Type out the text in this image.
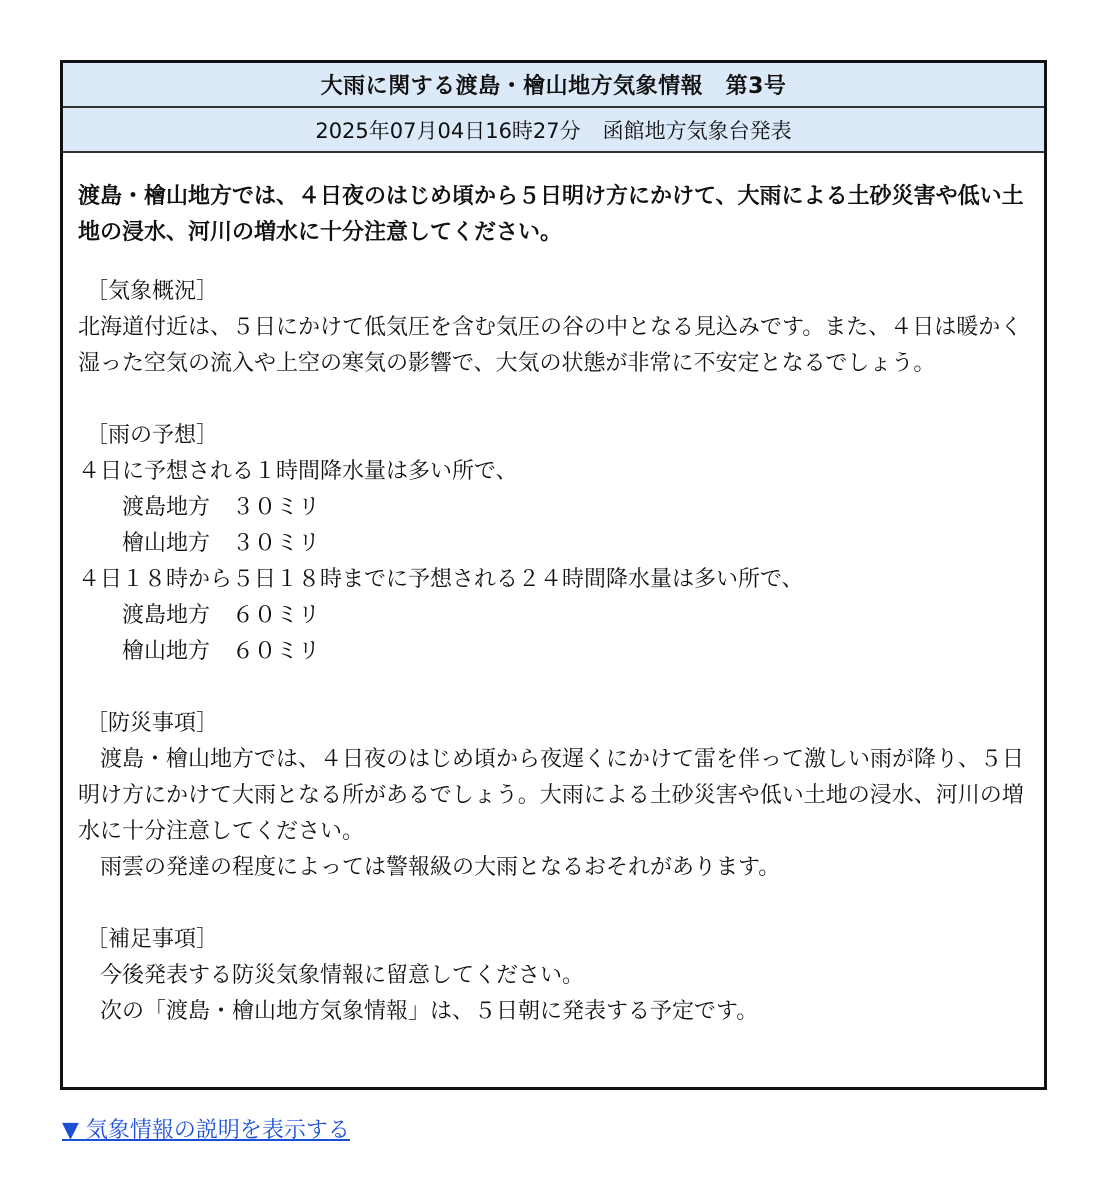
大雨に関する渡島・檜山地方気象情報　第3号
2025年07月04日16時27分 函館地方気象台発表

渡島・檜山地方では、４日夜のはじめ頃から５日明け方にかけて、大雨による土砂災害や低い土地の浸水、河川の増水に十分注意してください。

［気象概況］

北海道付近は、５日にかけて低気圧を含む気圧の谷の中となる見込みです。また、４日は暖かく湿った空気の流入や上空の寒気の影響で、大気の状態が非常に不安定となるでしょう。

［雨の予想］

４日に予想される１時間降水量は多い所で、

渡島地方　 ３０ミリ

檜山地方　 ３０ミリ

４日１８時から５日１８時までに予想される２４時間降水量は多い所で、

渡島地方　 ６０ミリ

檜山地方　 ６０ミリ

［防災事項］

　渡島・檜山地方では、４日夜のはじめ頃から夜遅くにかけて雷を伴って激しい雨が降り、５日明け方にかけて大雨となる所があるでしょう。大雨による土砂災害や低い土地の浸水、河川の増水に十分注意してください。

　雨雲の発達の程度によっては警報級の大雨となるおそれがあります。

［補足事項］

　今後発表する防災気象情報に留意してください。

　次の「渡島・檜山地方気象情報」は、５日朝に発表する予定です。

▼ 気象情報の説明を表示する
